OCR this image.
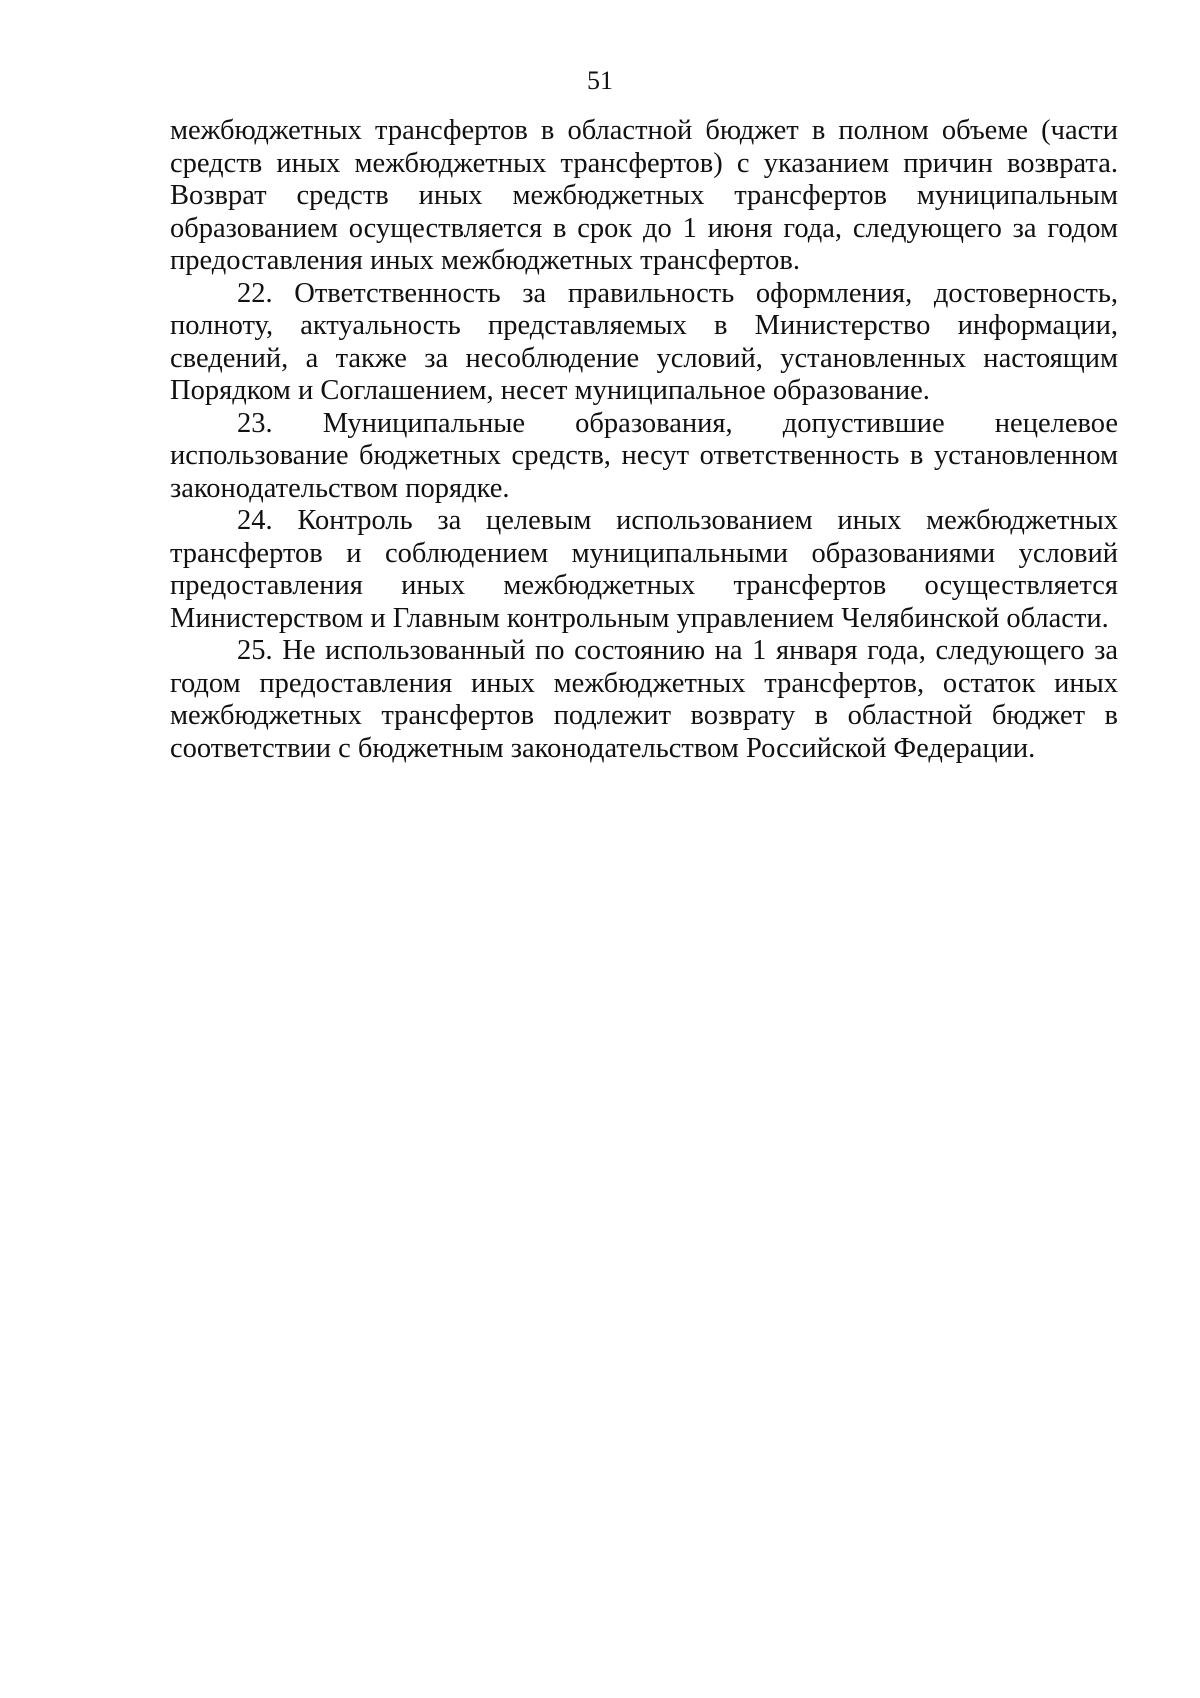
51

межбюджетных трансфертов в областной бюджет в полном объеме (части средств иных межбюджетных трансфертов) с указанием причин возврата. Возврат средств иных межбюджетных трансфертов муниципальным образованием осуществляется в срок до 1 июня года, следующего за годом предоставления иных межбюджетных трансфертов.

22. Ответственность за правильность оформления, достоверность, полноту, актуальность представляемых в Министерство информации, сведений, а также за несоблюдение условий, установленных настоящим Порядком и Соглашением, несет муниципальное образование.

23. Муниципальные образования, допустившие нецелевое использование бюджетных средств, несут ответственность в установленном законодательством порядке.

24. Контроль за целевым использованием иных межбюджетных трансфертов и соблюдением муниципальными образованиями условий предоставления иных межбюджетных трансфертов осуществляется Министерством и Главным контрольным управлением Челябинской области.

25. Не использованный по состоянию на 1 января года, следующего за годом предоставления иных межбюджетных трансфертов, остаток иных межбюджетных трансфертов подлежит возврату в областной бюджет в соответствии с бюджетным законодательством Российской Федерации.
